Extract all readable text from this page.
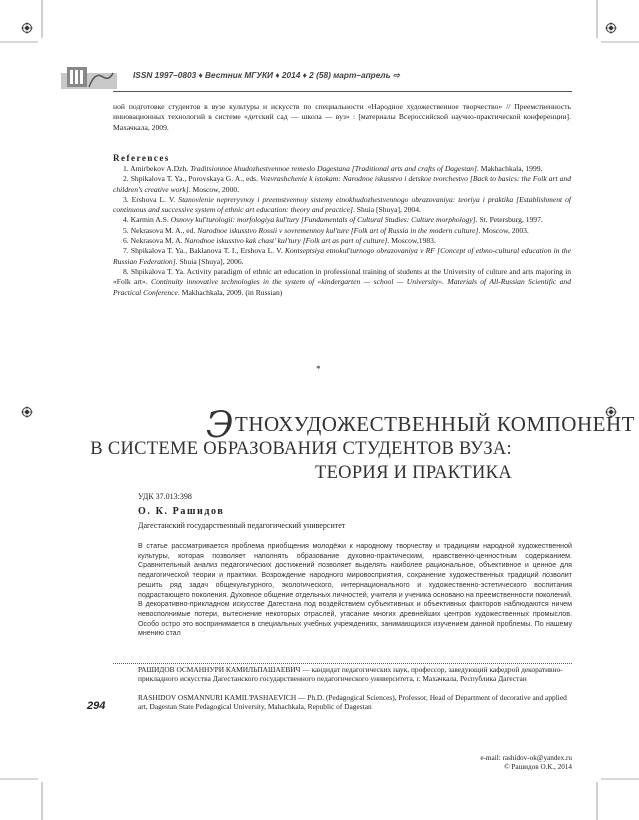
ISSN 1997–0803 ♦ Вестник МГУКИ ♦ 2014 ♦ 2 (58) март–апрель ⇨
ной подготовке студентов в вузе культуры и искусств по специальности «Народное художественное творчество» // Преемственность инновационных технологий в системе «детский сад — школа — вуз» : [материалы Всероссийской научно-практической конференции]. Махачкала, 2009.
References
1. Amirbekov A.Dzh. Traditsionnoe khudozhestvennoe remeslo Dagestana [Traditional arts and crafts of Dagestan]. Makhachkala, 1999.
2. Shpikalova T. Ya., Porovskaya G. A., eds. Vozvrashchenie k istokam: Narodnoe iskusstvo i detskoe tvorchestvo [Back to basics: the Folk art and children's creative work]. Moscow, 2000.
3. Ershova L. V. Stanovlenie nepreryvnoy i preemstvennoy sistemy etnokhudozhestvennogo obrazovaniya: teoriya i praktika [Establishment of continuous and successive system of ethnic art education: theory and practice]. Shuia [Shuya], 2004.
4. Karmin A.S. Osnovy kul'turologii: morfologiya kul'tury [Fundamentals of Cultural Studies: Culture morphology]. St. Petersburg, 1997.
5. Nekrasova M. A., ed. Narodnoe iskusstvo Rossii v sovremennoy kul'ture [Folk art of Russia in the modern culture]. Moscow, 2003.
6. Nekrasova M. A. Narodnoe iskusstvo kak chast' kul'tury [Folk art as part of culture]. Moscow,1983.
7. Shpikalova T. Ya., Baklanova T. I., Ershova L. V. Kontseptsiya etnokul'turnogo obrazovaniya v RF [Concept of ethno-cultural education in the Russian Federation]. Shuia [Shuya], 2006.
8. Shpikalova T. Ya. Activity paradigm of ethnic art education in professional training of students at the University of culture and arts majoring in «Folk art». Continuity innovative technologies in the system of «kindergarten — school — University». Materials of All-Russian Scientific and Practical Conference. Makhachkala, 2009. (in Russian)
*
ЭТНОХУДОЖЕСТВЕННЫЙ КОМПОНЕНТ
В СИСТЕМЕ ОБРАЗОВАНИЯ СТУДЕНТОВ ВУЗА:
ТЕОРИЯ И ПРАКТИКА
УДК 37.013:398
О. К. Рашидов
Дагестанский государственный педагогический университет
В статье рассматривается проблема приобщения молодёжи к народному творчеству и традициям народной художественной культуры, которая позволяет наполнять образование духовно-практическим, нравственно-ценностным содержанием. Сравнительный анализ педагогических достижений позволяет выделять наиболее рациональное, объективное и ценное для педагогической теории и практики. Возрождение народного мировосприятия, сохранение художественных традиций позволит решить ряд задач общекультурного, экологического, интернационального и художественно-эстетического воспитания подрастающего поколения. Духовное общение отдельных личностей, учителя и ученика основано на преемственности поколений. В декоративно-прикладном искусстве Дагестана под воздействием субъективных и объективных факторов наблюдаются ничем невосполнимые потери, вытеснение некоторых отраслей, угасание многих древнейших центров художественных промыслов. Особо остро это воспринимается в специальных учебных учреждениях, занимающихся изучением данной проблемы. По нашему мнению стал
РАШИДОВ ОСМАННУРИ КАМИЛЬПАШАЕВИЧ — кандидат педагогических наук, профессор, заведующий кафедрой декоративно-прикладного искусства Дагестанского государственного педагогического университета, г. Махачкала, Республика Дагестан
RASHIDOV OSMANNURI KAMIL'PASHAEVICH — Ph.D. (Pedagogical Sciences), Professor, Head of Department of decorative and applied art, Dagestan State Pedagogical University, Mahachkala, Republic of Dagestan
294
e-mail: rashidov-ok@yandex.ru
© Рашидов О.К., 2014
